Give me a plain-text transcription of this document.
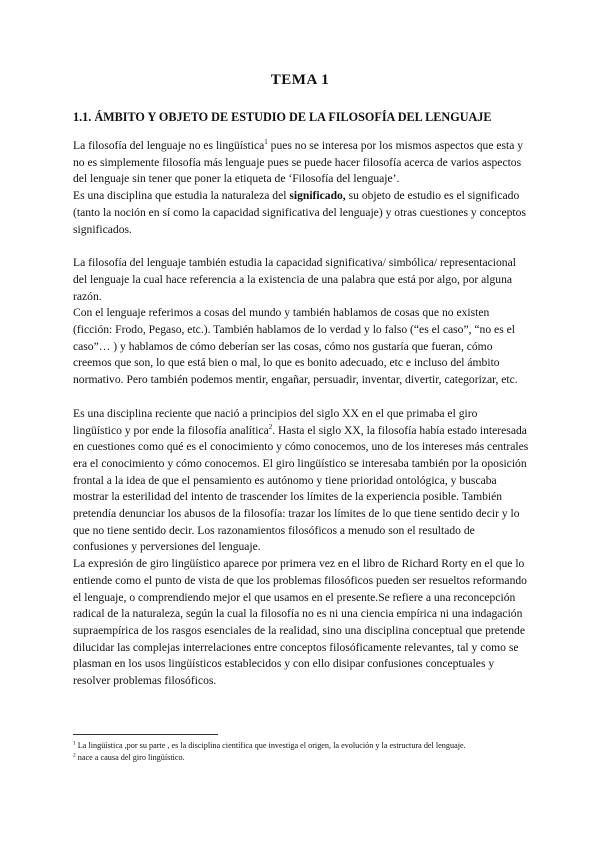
TEMA 1
1.1. ÁMBITO Y OBJETO DE ESTUDIO DE LA FILOSOFÍA DEL LENGUAJE

La filosofía del lenguaje no es lingüística$^1$ pues no se interesa por los mismos aspectos que esta y no es simplemente filosofía más lenguaje pues se puede hacer filosofía acerca de varios aspectos del lenguaje sin tener que poner la etiqueta de ‘Filosofía del lenguaje’.

Es una disciplina que estudia la naturaleza del significado, su objeto de estudio es el significado (tanto la noción en sí como la capacidad significativa del lenguaje) y otras cuestiones y conceptos significados.

La filosofía del lenguaje también estudia la capacidad significativa/ simbólica/ representacional del lenguaje la cual hace referencia a la existencia de una palabra que está por algo, por alguna razón.

Con el lenguaje referimos a cosas del mundo y también hablamos de cosas que no existen (ficción: Frodo, Pegaso, etc.). También hablamos de lo verdad y lo falso (“es el caso”, “no es el caso”… ) y hablamos de cómo deberían ser las cosas, cómo nos gustaría que fueran, cómo creemos que son, lo que está bien o mal, lo que es bonito adecuado, etc e incluso del ámbito normativo. Pero también podemos mentir, engañar, persuadir, inventar, divertir, categorizar, etc.

Es una disciplina reciente que nació a principios del siglo XX en el que primaba el giro lingüístico y por ende la filosofía analítica$^2$. Hasta el siglo XX, la filosofía había estado interesada en cuestiones como qué es el conocimiento y cómo conocemos, uno de los intereses más centrales era el conocimiento y cómo conocemos. El giro lingüístico se interesaba también por la oposición frontal a la idea de que el pensamiento es autónomo y tiene prioridad ontológica, y buscaba mostrar la esterilidad del intento de trascender los límites de la experiencia posible. También pretendía denunciar los abusos de la filosofía: trazar los límites de lo que tiene sentido decir y lo que no tiene sentido decir. Los razonamientos filosóficos a menudo son el resultado de confusiones y perversiones del lenguaje.

La expresión de giro lingüístico aparece por primera vez en el libro de Richard Rorty en el que lo entiende como el punto de vista de que los problemas filosóficos pueden ser resueltos reformando el lenguaje, o comprendiendo mejor el que usamos en el presente.Se refiere a una reconcepción radical de la naturaleza, según la cual la filosofía no es ni una ciencia empírica ni una indagación supraempírica de los rasgos esenciales de la realidad, sino una disciplina conceptual que pretende dilucidar las complejas interrelaciones entre conceptos filosóficamente relevantes, tal y como se plasman en los usos lingüísticos establecidos y con ello disipar confusiones conceptuales y resolver problemas filosóficos.

$^1$ La lingüística ,por su parte , es la disciplina científica que investiga el origen, la evolución y la estructura del lenguaje.

$^2$ nace a causa del giro lingüístico.
